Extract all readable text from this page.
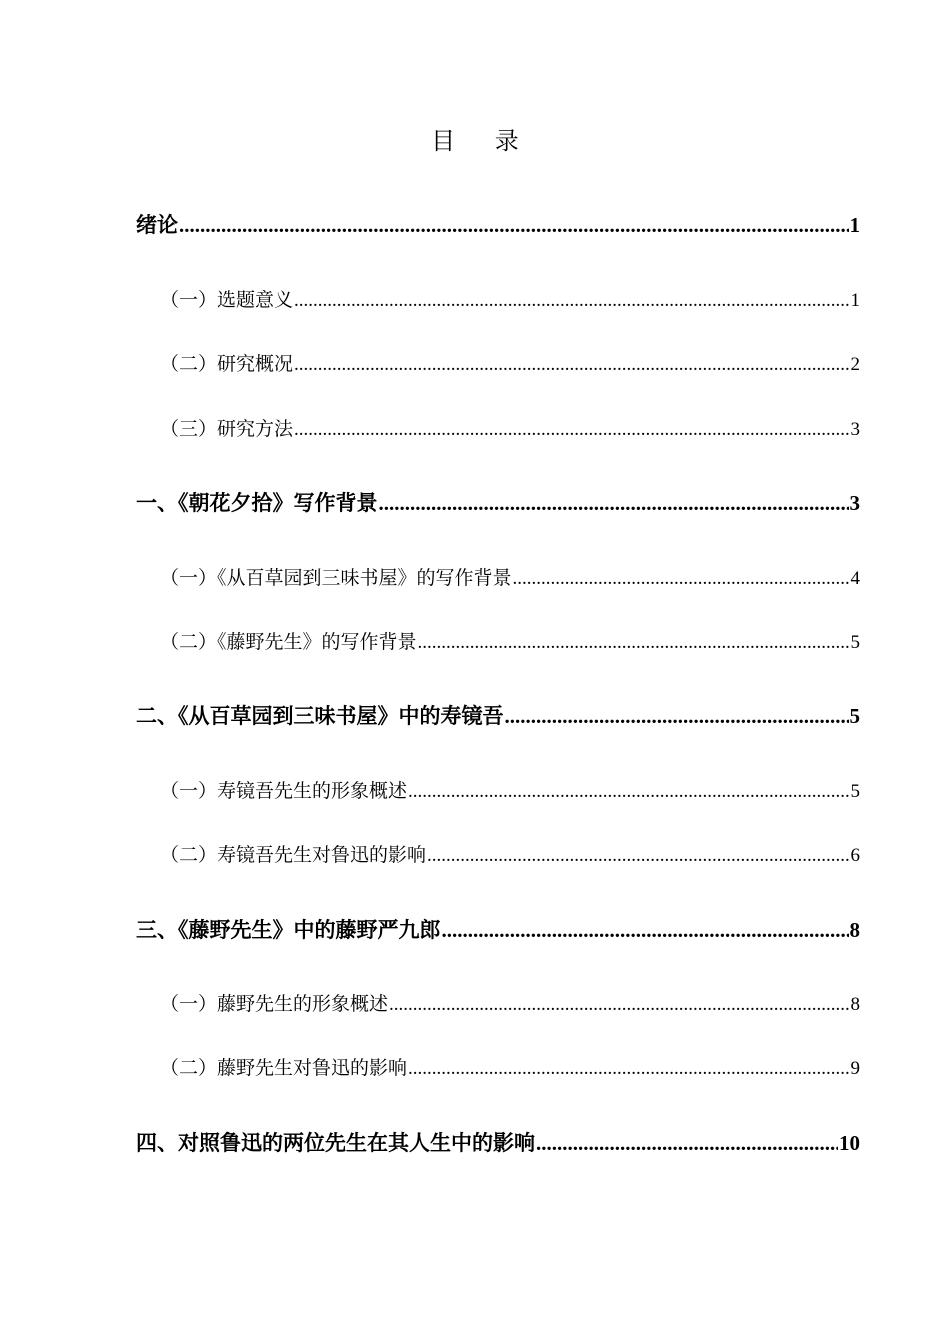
目 录
绪论 .....	1
（一）选题意义 .....	1
（二）研究概况 .....	2
（三）研究方法 .....	3
一、《朝花夕拾》写作背景 .....	3
（一）《从百草园到三味书屋》的写作背景 .....	4
（二）《藤野先生》的写作背景 .....	5
二、《从百草园到三味书屋》中的寿镜吾 .....	5
（一）寿镜吾先生的形象概述 .....	5
（二）寿镜吾先生对鲁迅的影响 .....	6
三、《藤野先生》中的藤野严九郎 .....	8
（一）藤野先生的形象概述 .....	8
（二）藤野先生对鲁迅的影响 .....	9
四、对照鲁迅的两位先生在其人生中的影响 .....	10
